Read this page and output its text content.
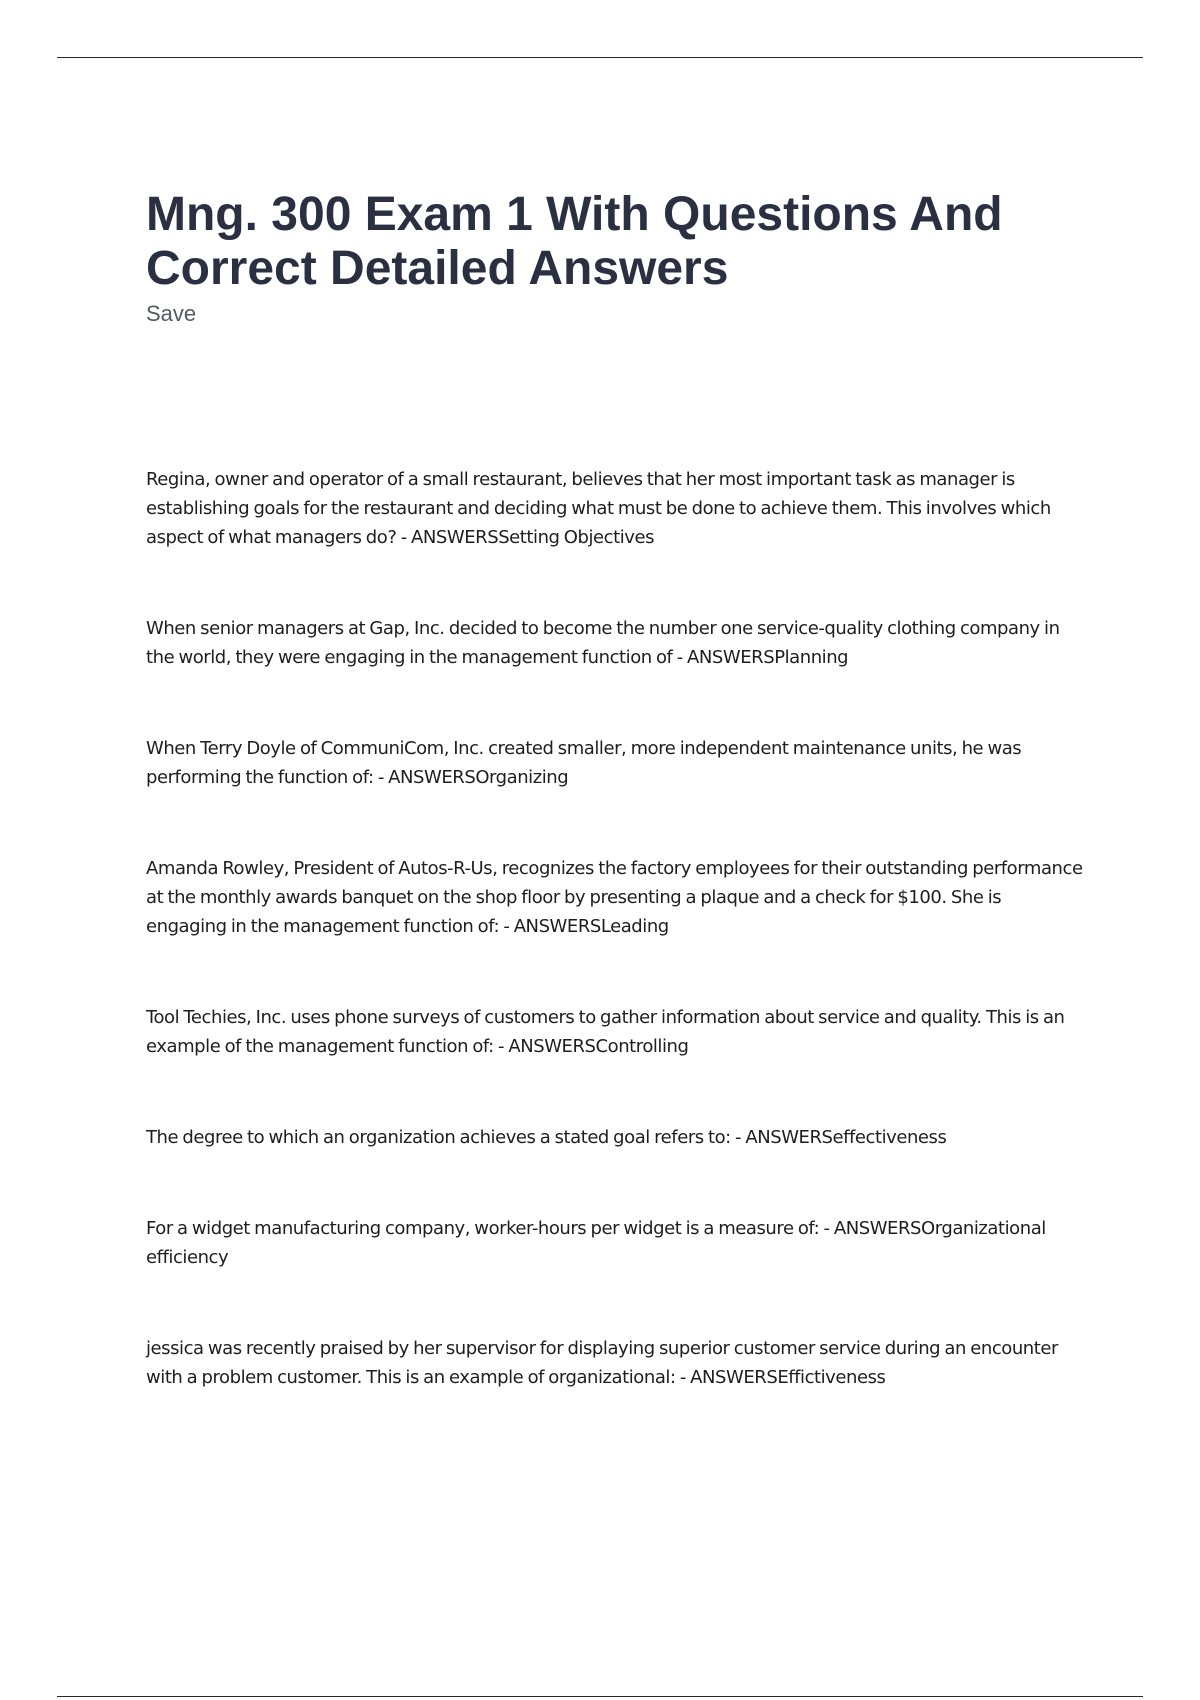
Mng. 300 Exam 1 With Questions And Correct Detailed Answers
Save
Regina, owner and operator of a small restaurant, believes that her most important task as manager is establishing goals for the restaurant and deciding what must be done to achieve them. This involves which aspect of what managers do? - ANSWERSSetting Objectives
When senior managers at Gap, Inc. decided to become the number one service-quality clothing company in the world, they were engaging in the management function of - ANSWERSPlanning
When Terry Doyle of CommuniCom, Inc. created smaller, more independent maintenance units, he was performing the function of: - ANSWERSOrganizing
Amanda Rowley, President of Autos-R-Us, recognizes the factory employees for their outstanding performance at the monthly awards banquet on the shop floor by presenting a plaque and a check for $100. She is engaging in the management function of: - ANSWERSLeading
Tool Techies, Inc. uses phone surveys of customers to gather information about service and quality. This is an example of the management function of: - ANSWERSControlling
The degree to which an organization achieves a stated goal refers to: - ANSWERSeffectiveness
For a widget manufacturing company, worker-hours per widget is a measure of: - ANSWERSOrganizational efficiency
jessica was recently praised by her supervisor for displaying superior customer service during an encounter with a problem customer. This is an example of organizational: - ANSWERSEffictiveness
